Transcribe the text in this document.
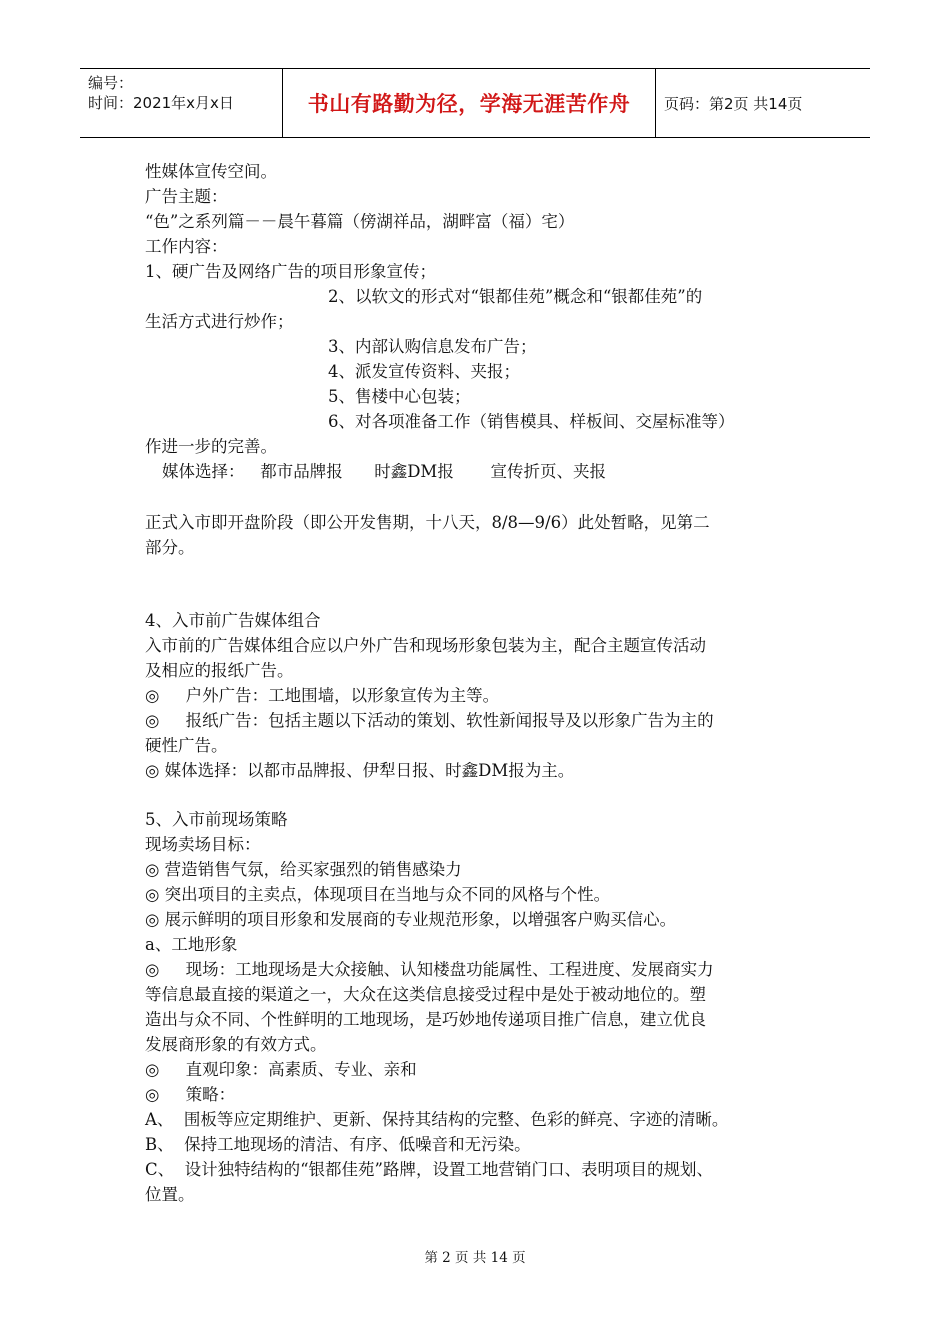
编号：
时间：2021年x月x日	书山有路勤为径，学海无涯苦作舟	页码：第2页 共14页
性媒体宣传空间。
广告主题：
“色”之系列篇－－晨午暮篇（傍湖祥品，湖畔富（福）宅）
工作内容：
1、硬广告及网络广告的项目形象宣传；
2、以软文的形式对“银都佳苑”概念和“银都佳苑”的
生活方式进行炒作；
3、内部认购信息发布广告；
4、派发宣传资料、夹报；
5、售楼中心包装；
6、对各项准备工作（销售模具、样板间、交屋标准等）
作进一步的完善。
媒体选择：   都市品牌报      时鑫DM报       宣传折页、夹报
正式入市即开盘阶段（即公开发售期，十八天，8/8—9/6）此处暂略，见第二
部分。
4、入市前广告媒体组合
入市前的广告媒体组合应以户外广告和现场形象包装为主，配合主题宣传活动
及相应的报纸广告。
◎     户外广告：工地围墙，以形象宣传为主等。
◎     报纸广告：包括主题以下活动的策划、软性新闻报导及以形象广告为主的
硬性广告。
◎ 媒体选择：以都市品牌报、伊犁日报、时鑫DM报为主。
5、入市前现场策略
现场卖场目标：
◎ 营造销售气氛，给买家强烈的销售感染力
◎ 突出项目的主卖点，体现项目在当地与众不同的风格与个性。
◎ 展示鲜明的项目形象和发展商的专业规范形象，以增强客户购买信心。
a、工地形象
◎     现场：工地现场是大众接触、认知楼盘功能属性、工程进度、发展商实力
等信息最直接的渠道之一，大众在这类信息接受过程中是处于被动地位的。塑
造出与众不同、个性鲜明的工地现场，是巧妙地传递项目推广信息，建立优良
发展商形象的有效方式。
◎     直观印象：高素质、专业、亲和
◎     策略：
A、  围板等应定期维护、更新、保持其结构的完整、色彩的鲜亮、字迹的清晰。
B、  保持工地现场的清洁、有序、低噪音和无污染。
C、  设计独特结构的“银都佳苑”路牌，设置工地营销门口、表明项目的规划、
位置。
第 2 页 共 14 页
